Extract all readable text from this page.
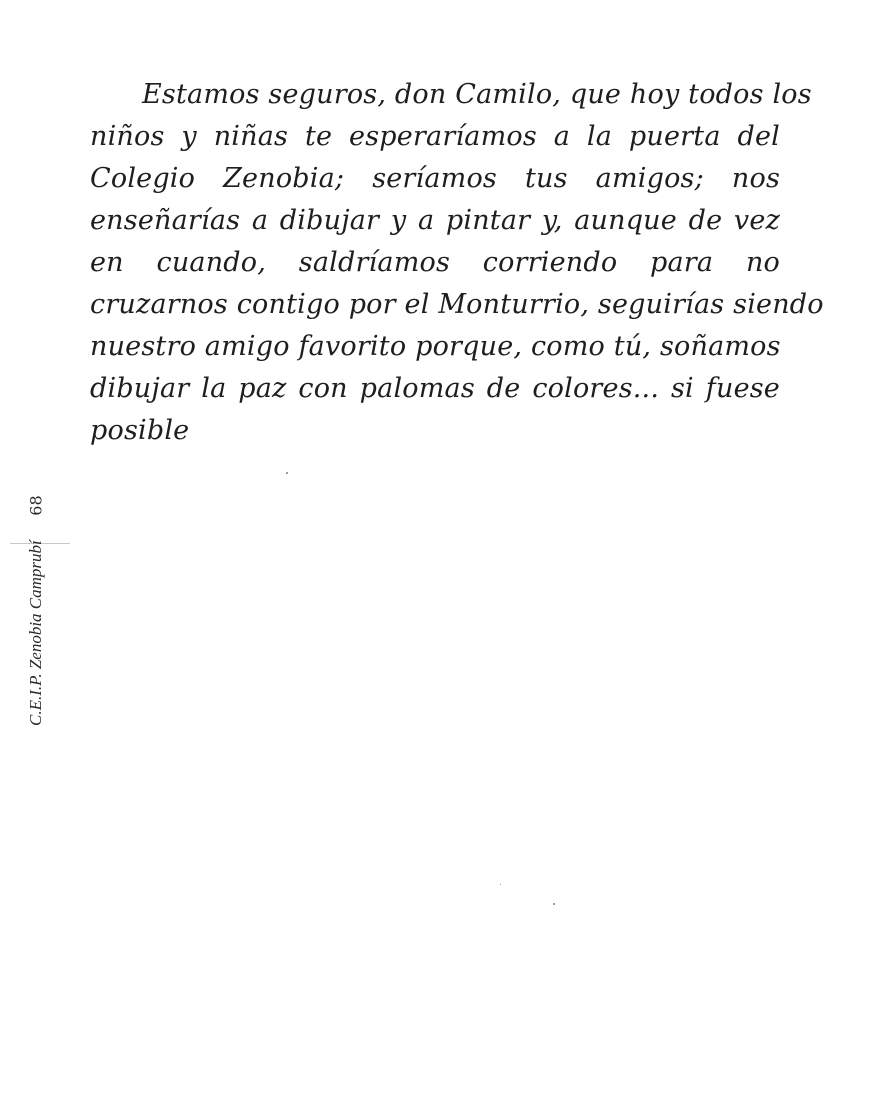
Estamos seguros, don Camilo, que hoy todos los
niños y niñas te esperaríamos a la puerta del
Colegio Zenobia; seríamos tus amigos; nos
enseñarías a dibujar y a pintar y, aunque de vez
en cuando, saldríamos corriendo para no
cruzarnos contigo por el Monturrio, seguirías siendo
nuestro amigo favorito porque, como tú, soñamos
dibujar la paz con palomas de colores... si fuese
posible
C.E.I.P. Zenobia Camprubí
68
